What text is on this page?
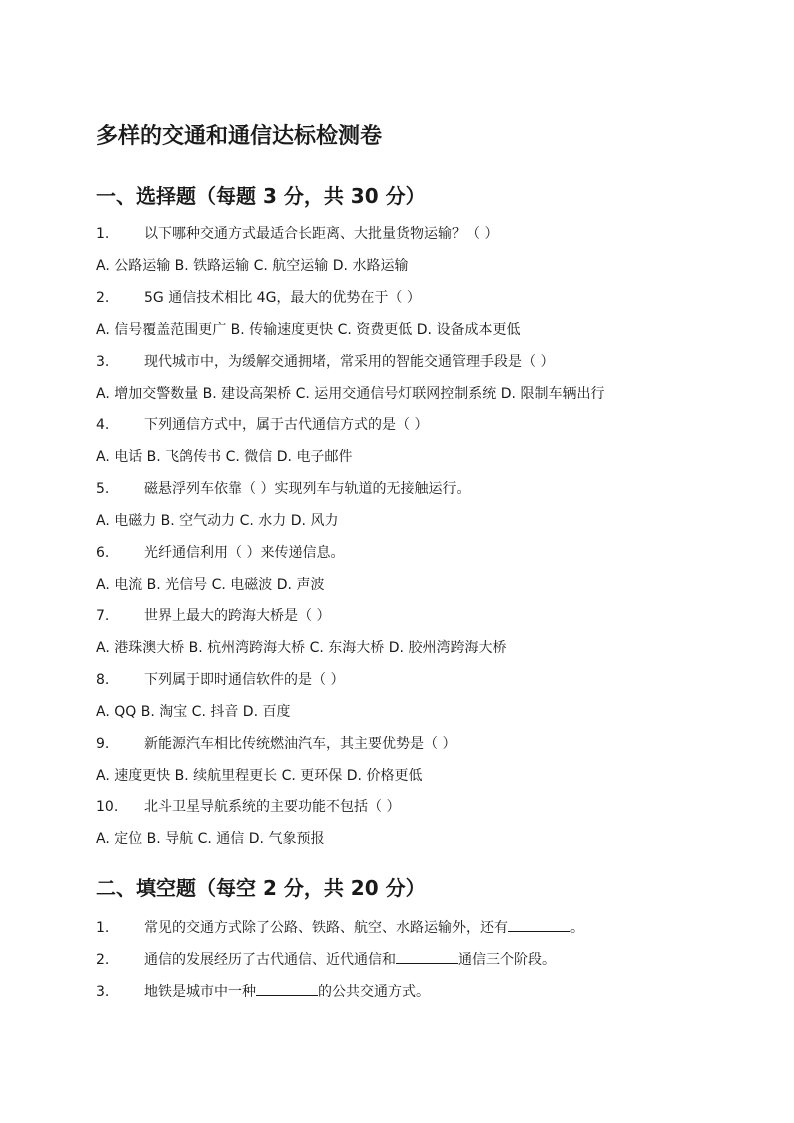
多样的交通和通信达标检测卷
一、选择题（每题 3 分，共 30 分）
1. 以下哪种交通方式最适合长距离、大批量货物运输？（ ）
A. 公路运输 B. 铁路运输 C. 航空运输 D. 水路运输
2. 5G 通信技术相比 4G，最大的优势在于（ ）
A. 信号覆盖范围更广 B. 传输速度更快 C. 资费更低 D. 设备成本更低
3. 现代城市中，为缓解交通拥堵，常采用的智能交通管理手段是（ ）
A. 增加交警数量 B. 建设高架桥 C. 运用交通信号灯联网控制系统 D. 限制车辆出行
4. 下列通信方式中，属于古代通信方式的是（ ）
A. 电话 B. 飞鸽传书 C. 微信 D. 电子邮件
5. 磁悬浮列车依靠（ ）实现列车与轨道的无接触运行。
A. 电磁力 B. 空气动力 C. 水力 D. 风力
6. 光纤通信利用（ ）来传递信息。
A. 电流 B. 光信号 C. 电磁波 D. 声波
7. 世界上最大的跨海大桥是（ ）
A. 港珠澳大桥 B. 杭州湾跨海大桥 C. 东海大桥 D. 胶州湾跨海大桥
8. 下列属于即时通信软件的是（ ）
A. QQ B. 淘宝 C. 抖音 D. 百度
9. 新能源汽车相比传统燃油汽车，其主要优势是（ ）
A. 速度更快 B. 续航里程更长 C. 更环保 D. 价格更低
10. 北斗卫星导航系统的主要功能不包括（ ）
A. 定位 B. 导航 C. 通信 D. 气象预报
二、填空题（每空 2 分，共 20 分）
1. 常见的交通方式除了公路、铁路、航空、水路运输外，还有	。
2. 通信的发展经历了古代通信、近代通信和	通信三个阶段。
3. 地铁是城市中一种	的公共交通方式。
